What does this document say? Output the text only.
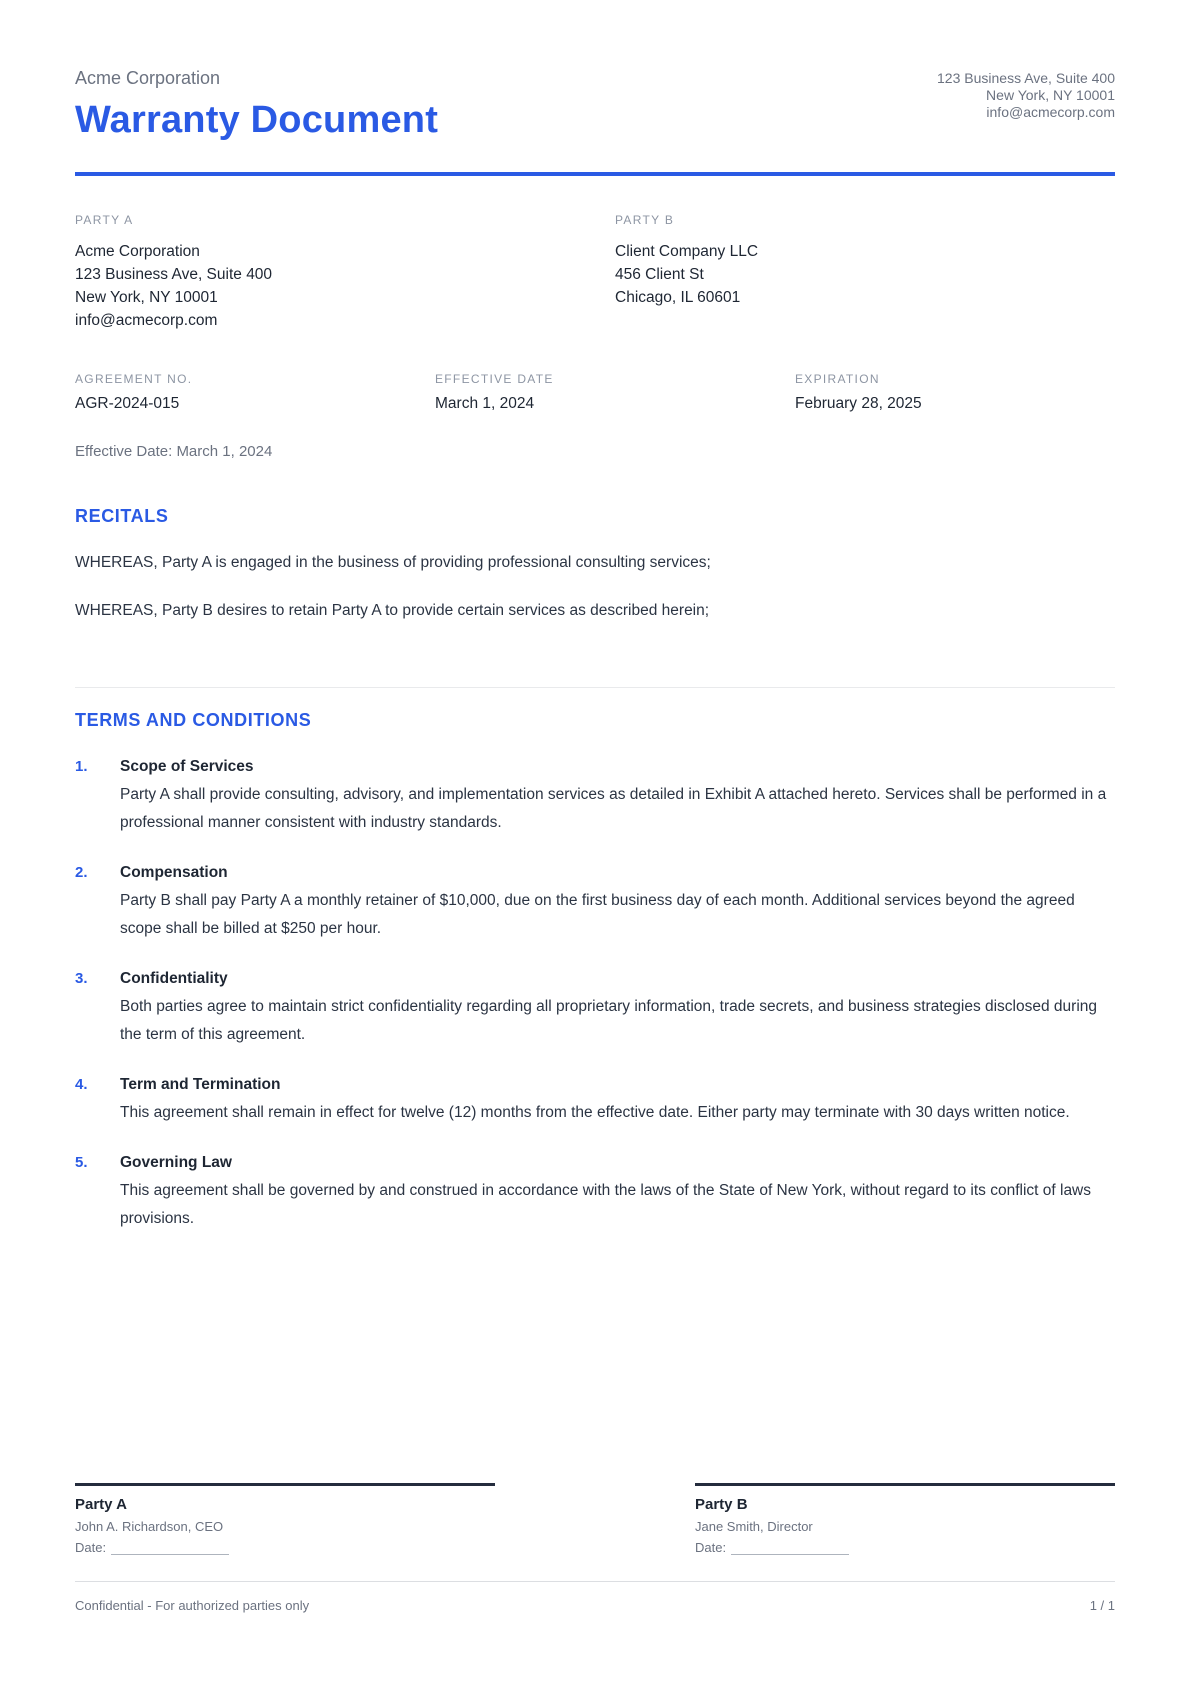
Acme Corporation
Warranty Document
123 Business Ave, Suite 400
New York, NY 10001
info@acmecorp.com
PARTY A
Acme Corporation
123 Business Ave, Suite 400
New York, NY 10001
info@acmecorp.com
PARTY B
Client Company LLC
456 Client St
Chicago, IL 60601
AGREEMENT NO.
AGR-2024-015
EFFECTIVE DATE
March 1, 2024
EXPIRATION
February 28, 2025
Effective Date: March 1, 2024
RECITALS

WHEREAS, Party A is engaged in the business of providing professional consulting services;

WHEREAS, Party B desires to retain Party A to provide certain services as described herein;

TERMS AND CONDITIONS
1.	Scope of Services
Party A shall provide consulting, advisory, and implementation services as detailed in Exhibit A attached hereto. Services shall be performed in a professional manner consistent with industry standards.
2.	Compensation
Party B shall pay Party A a monthly retainer of $10,000, due on the first business day of each month. Additional services beyond the agreed scope shall be billed at $250 per hour.
3.	Confidentiality
Both parties agree to maintain strict confidentiality regarding all proprietary information, trade secrets, and business strategies disclosed during the term of this agreement.
4.	Term and Termination
This agreement shall remain in effect for twelve (12) months from the effective date. Either party may terminate with 30 days written notice.
5.	Governing Law
This agreement shall be governed by and construed in accordance with the laws of the State of New York, without regard to its conflict of laws provisions.
Party A
John A. Richardson, CEO
Date:
Party B
Jane Smith, Director
Date:
Confidential - For authorized parties only	1 / 1
